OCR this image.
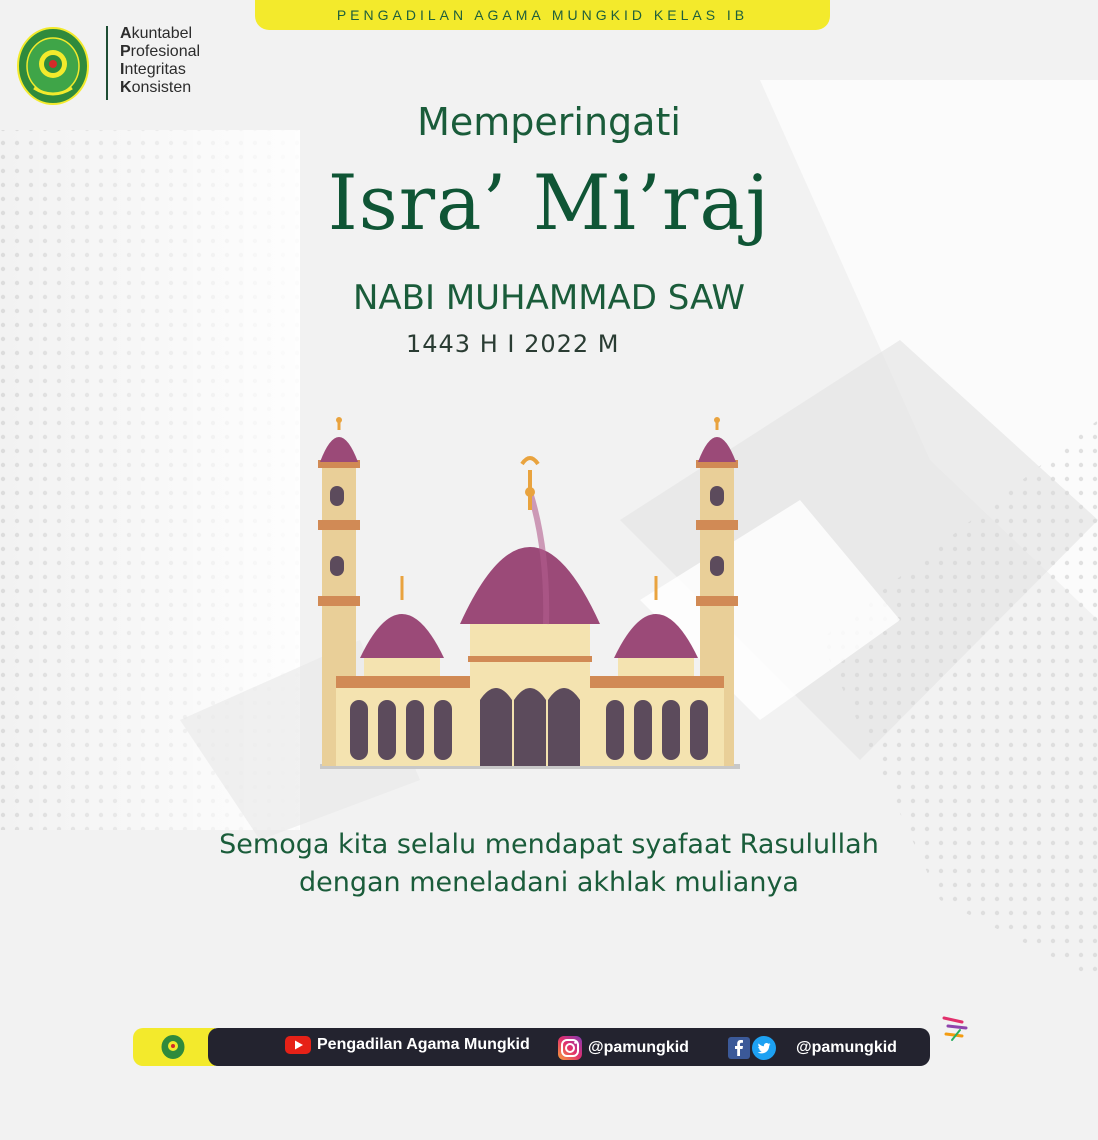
PENGADILAN AGAMA MUNGKID KELAS IB
Akuntabel
Profesional
Integritas
Konsisten
Memperingati
Isra’ Mi’raj
NABI MUHAMMAD SAW
1443 H I 2022 M
Semoga kita selalu mendapat syafaat Rasulullah
dengan meneladani akhlak mulianya
Pengadilan Agama Mungkid	@pamungkid	@pamungkid
